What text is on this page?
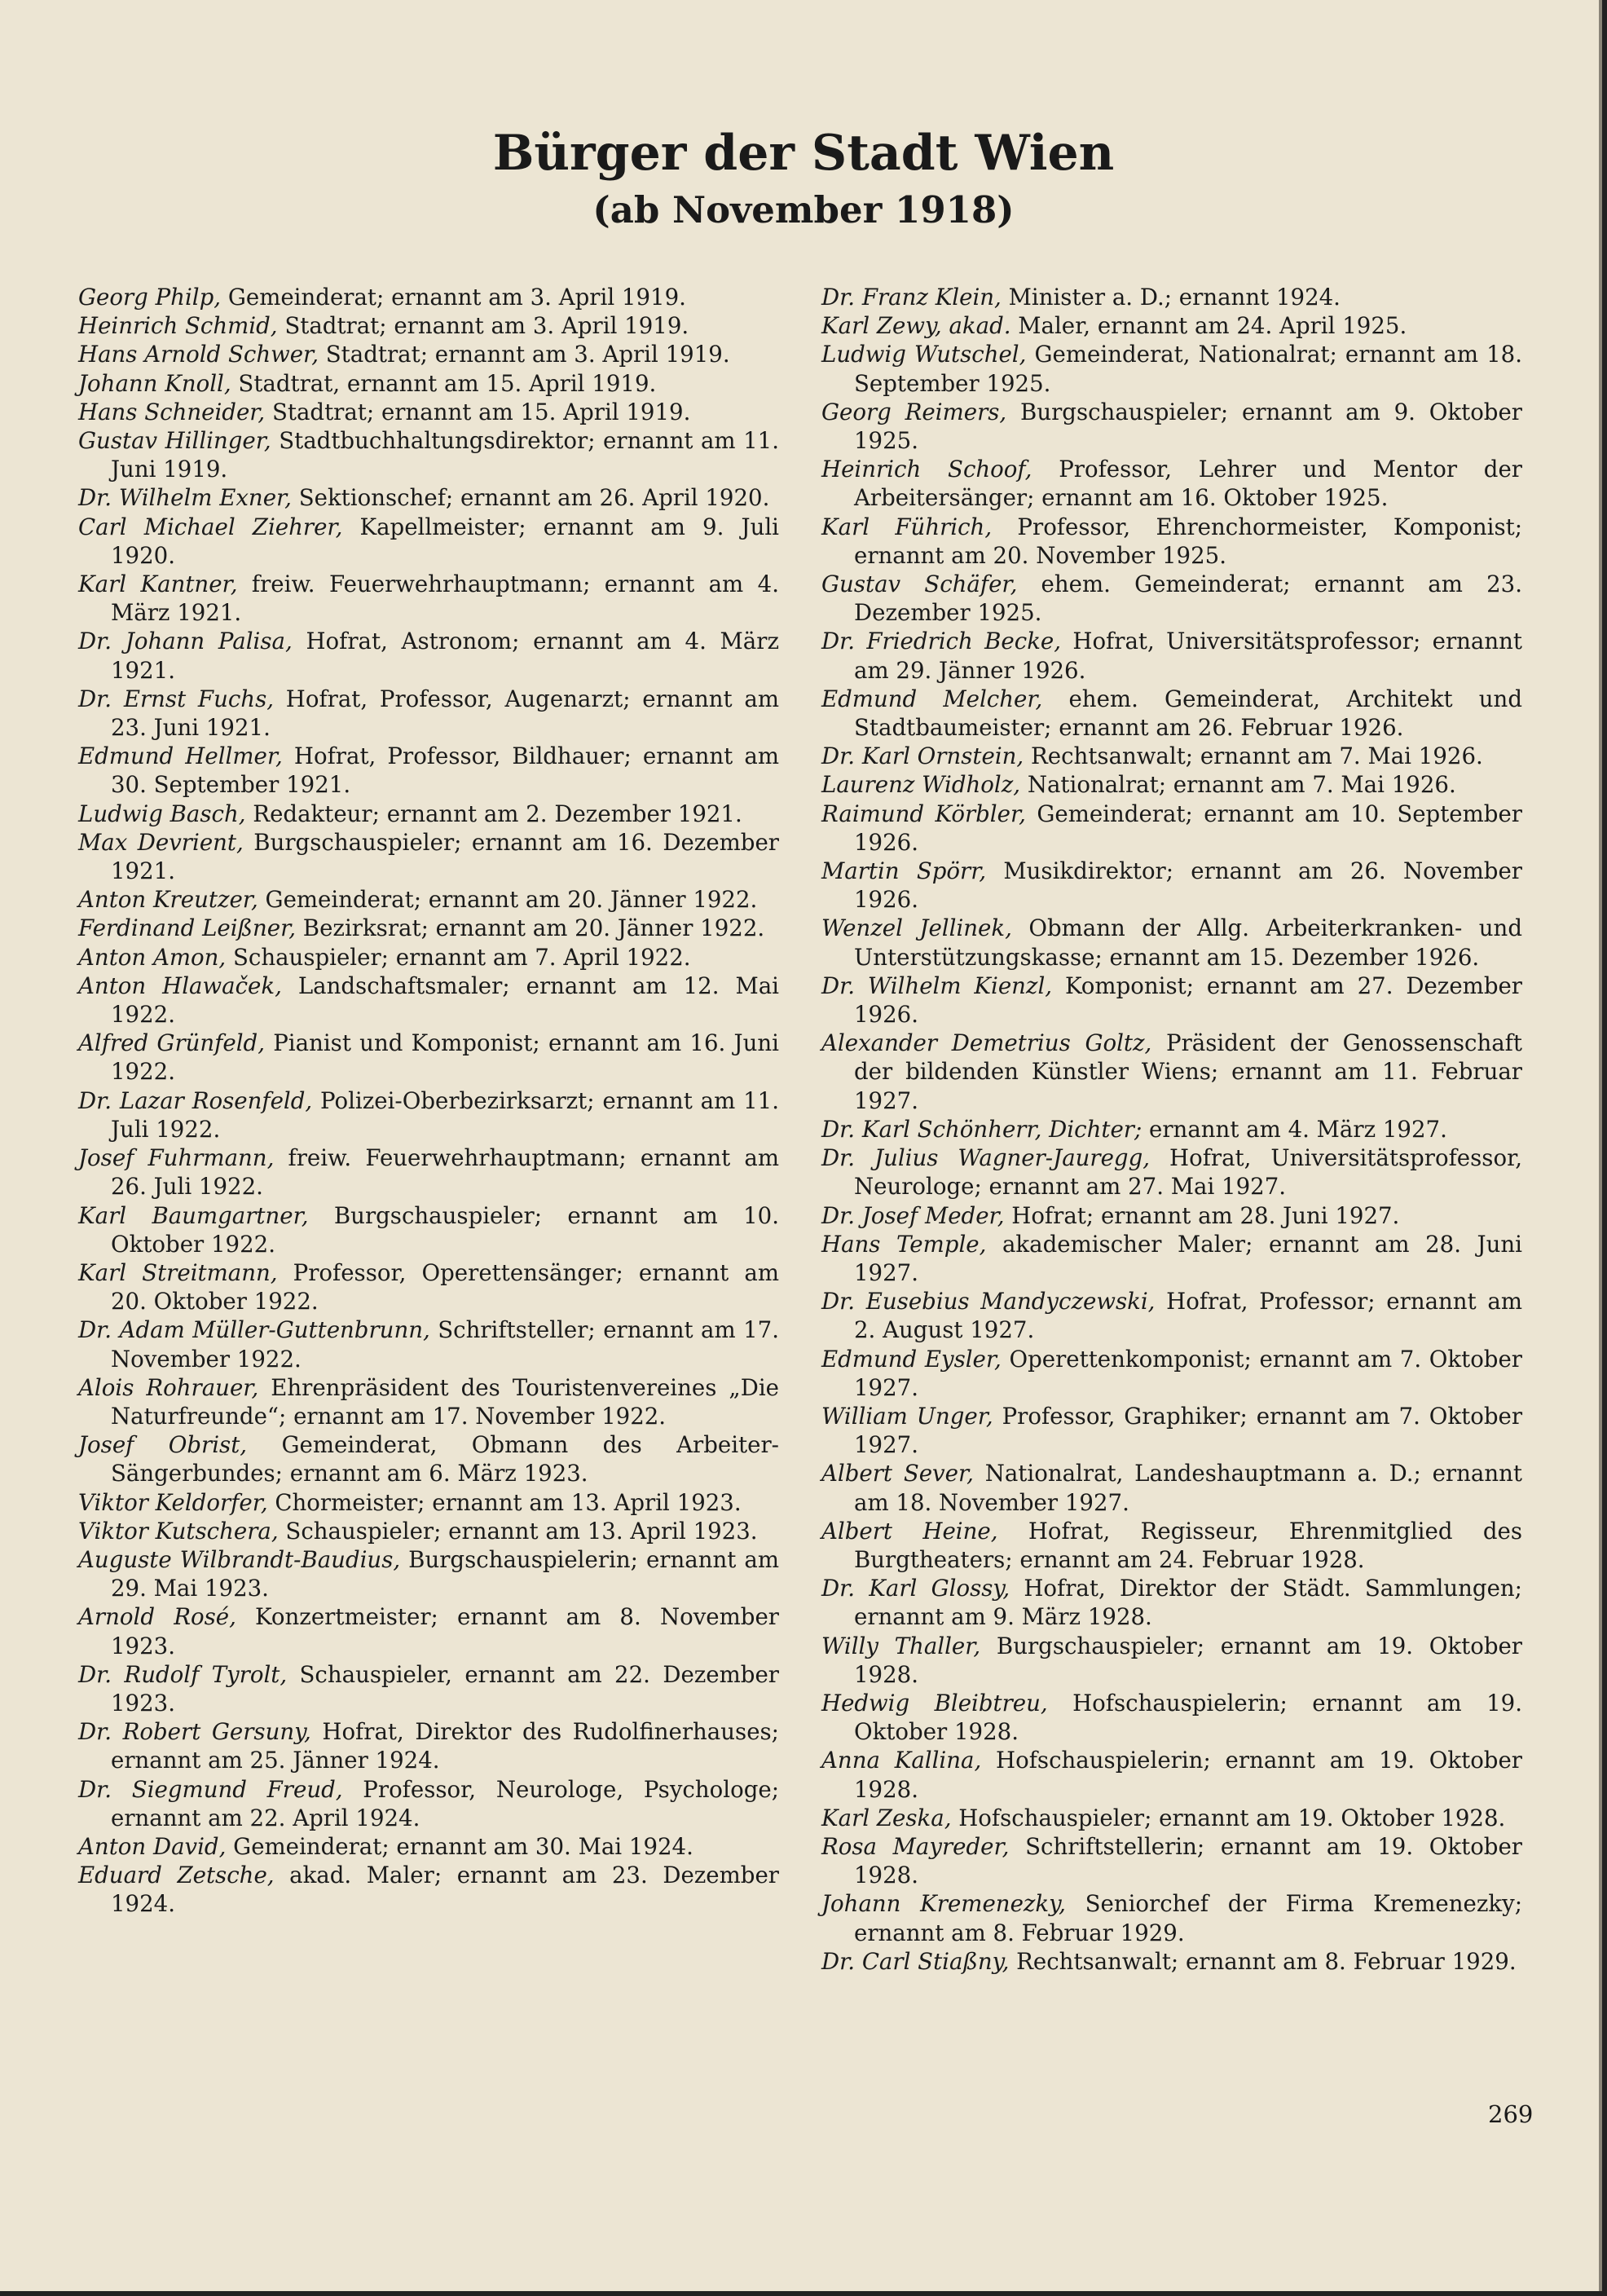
Bürger der Stadt Wien
(ab November 1918)

Georg Philp, Gemeinderat; ernannt am 3. April 1919.

Heinrich Schmid, Stadtrat; ernannt am 3. April 1919.

Hans Arnold Schwer, Stadtrat; ernannt am 3. April 1919.

Johann Knoll, Stadtrat, ernannt am 15. April 1919.

Hans Schneider, Stadtrat; ernannt am 15. April 1919.

Gustav Hillinger, Stadtbuchhaltungsdirektor; ernannt am 11. Juni 1919.

Dr. Wilhelm Exner, Sektionschef; ernannt am 26. April 1920.

Carl Michael Ziehrer, Kapellmeister; ernannt am 9. Juli 1920.

Karl Kantner, freiw. Feuerwehrhauptmann; ernannt am 4. März 1921.

Dr. Johann Palisa, Hofrat, Astronom; ernannt am 4. März 1921.

Dr. Ernst Fuchs, Hofrat, Professor, Augenarzt; ernannt am 23. Juni 1921.

Edmund Hellmer, Hofrat, Professor, Bildhauer; ernannt am 30. September 1921.

Ludwig Basch, Redakteur; ernannt am 2. Dezember 1921.

Max Devrient, Burgschauspieler; ernannt am 16. Dezember 1921.

Anton Kreutzer, Gemeinderat; ernannt am 20. Jänner 1922.

Ferdinand Leißner, Bezirksrat; ernannt am 20. Jänner 1922.

Anton Amon, Schauspieler; ernannt am 7. April 1922.

Anton Hlawaček, Landschaftsmaler; ernannt am 12. Mai 1922.

Alfred Grünfeld, Pianist und Komponist; ernannt am 16. Juni 1922.

Dr. Lazar Rosenfeld, Polizei-Oberbezirksarzt; ernannt am 11. Juli 1922.

Josef Fuhrmann, freiw. Feuerwehrhauptmann; ernannt am 26. Juli 1922.

Karl Baumgartner, Burgschauspieler; ernannt am 10. Oktober 1922.

Karl Streitmann, Professor, Operettensänger; ernannt am 20. Oktober 1922.

Dr. Adam Müller-Guttenbrunn, Schriftsteller; ernannt am 17. November 1922.

Alois Rohrauer, Ehrenpräsident des Touristenvereines „Die Naturfreunde“; ernannt am 17. November 1922.

Josef Obrist, Gemeinderat, Obmann des Arbeiter-Sängerbundes; ernannt am 6. März 1923.

Viktor Keldorfer, Chormeister; ernannt am 13. April 1923.

Viktor Kutschera, Schauspieler; ernannt am 13. April 1923.

Auguste Wilbrandt-Baudius, Burgschauspielerin; ernannt am 29. Mai 1923.

Arnold Rosé, Konzertmeister; ernannt am 8. November 1923.

Dr. Rudolf Tyrolt, Schauspieler, ernannt am 22. Dezember 1923.

Dr. Robert Gersuny, Hofrat, Direktor des Rudolfinerhauses; ernannt am 25. Jänner 1924.

Dr. Siegmund Freud, Professor, Neurologe, Psychologe; ernannt am 22. April 1924.

Anton David, Gemeinderat; ernannt am 30. Mai 1924.

Eduard Zetsche, akad. Maler; ernannt am 23. Dezember 1924.

Dr. Franz Klein, Minister a. D.; ernannt 1924.

Karl Zewy, akad. Maler, ernannt am 24. April 1925.

Ludwig Wutschel, Gemeinderat, Nationalrat; ernannt am 18. September 1925.

Georg Reimers, Burgschauspieler; ernannt am 9. Oktober 1925.

Heinrich Schoof, Professor, Lehrer und Mentor der Arbeitersänger; ernannt am 16. Oktober 1925.

Karl Führich, Professor, Ehrenchormeister, Komponist; ernannt am 20. November 1925.

Gustav Schäfer, ehem. Gemeinderat; ernannt am 23. Dezember 1925.

Dr. Friedrich Becke, Hofrat, Universitätsprofessor; ernannt am 29. Jänner 1926.

Edmund Melcher, ehem. Gemeinderat, Architekt und Stadtbaumeister; ernannt am 26. Februar 1926.

Dr. Karl Ornstein, Rechtsanwalt; ernannt am 7. Mai 1926.

Laurenz Widholz, Nationalrat; ernannt am 7. Mai 1926.

Raimund Körbler, Gemeinderat; ernannt am 10. September 1926.

Martin Spörr, Musikdirektor; ernannt am 26. November 1926.

Wenzel Jellinek, Obmann der Allg. Arbeiterkranken- und Unterstützungskasse; ernannt am 15. Dezember 1926.

Dr. Wilhelm Kienzl, Komponist; ernannt am 27. Dezember 1926.

Alexander Demetrius Goltz, Präsident der Genossenschaft der bildenden Künstler Wiens; ernannt am 11. Februar 1927.

Dr. Karl Schönherr, Dichter; ernannt am 4. März 1927.

Dr. Julius Wagner-Jauregg, Hofrat, Universitätsprofessor, Neurologe; ernannt am 27. Mai 1927.

Dr. Josef Meder, Hofrat; ernannt am 28. Juni 1927.

Hans Temple, akademischer Maler; ernannt am 28. Juni 1927.

Dr. Eusebius Mandyczewski, Hofrat, Professor; ernannt am 2. August 1927.

Edmund Eysler, Operettenkomponist; ernannt am 7. Oktober 1927.

William Unger, Professor, Graphiker; ernannt am 7. Oktober 1927.

Albert Sever, Nationalrat, Landeshauptmann a. D.; ernannt am 18. November 1927.

Albert Heine, Hofrat, Regisseur, Ehrenmitglied des Burgtheaters; ernannt am 24. Februar 1928.

Dr. Karl Glossy, Hofrat, Direktor der Städt. Sammlungen; ernannt am 9. März 1928.

Willy Thaller, Burgschauspieler; ernannt am 19. Oktober 1928.

Hedwig Bleibtreu, Hofschauspielerin; ernannt am 19. Oktober 1928.

Anna Kallina, Hofschauspielerin; ernannt am 19. Oktober 1928.

Karl Zeska, Hofschauspieler; ernannt am 19. Oktober 1928.

Rosa Mayreder, Schriftstellerin; ernannt am 19. Oktober 1928.

Johann Kremenezky, Seniorchef der Firma Kremenezky; ernannt am 8. Februar 1929.

Dr. Carl Stiaßny, Rechtsanwalt; ernannt am 8. Februar 1929.

269
